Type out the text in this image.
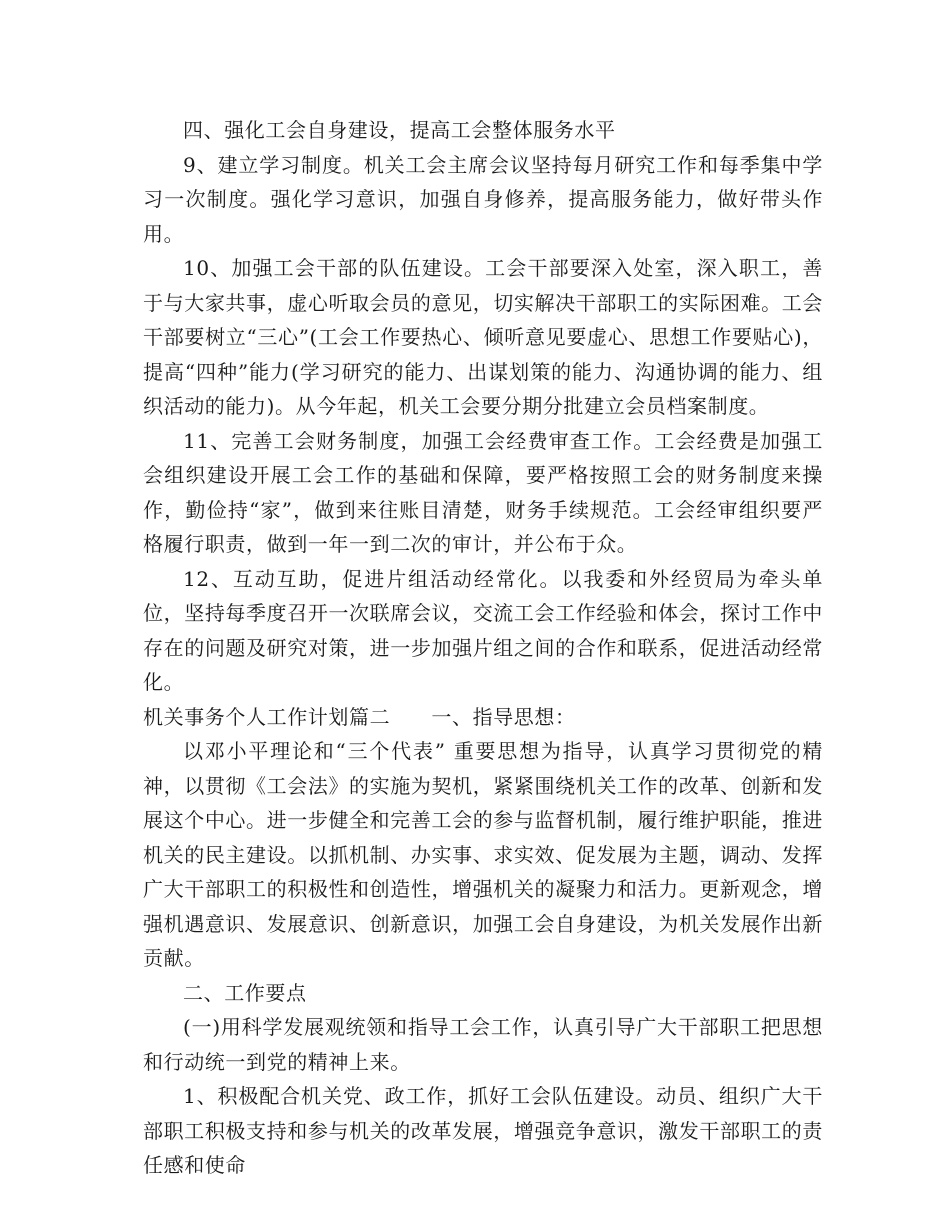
四、强化工会自身建设，提高工会整体服务水平

9、建立学习制度。机关工会主席会议坚持每月研究工作和每季集中学习一次制度。强化学习意识，加强自身修养，提高服务能力，做好带头作用。

10、加强工会干部的队伍建设。工会干部要深入处室，深入职工，善于与大家共事，虚心听取会员的意见，切实解决干部职工的实际困难。工会干部要树立“三心”(工会工作要热心、倾听意见要虚心、思想工作要贴心)，提高“四种”能力(学习研究的能力、出谋划策的能力、沟通协调的能力、组织活动的能力)。从今年起，机关工会要分期分批建立会员档案制度。

11、完善工会财务制度，加强工会经费审查工作。工会经费是加强工会组织建设开展工会工作的基础和保障，要严格按照工会的财务制度来操作，勤俭持“家”，做到来往账目清楚，财务手续规范。工会经审组织要严格履行职责，做到一年一到二次的审计，并公布于众。

12、互动互助，促进片组活动经常化。以我委和外经贸局为牵头单位，坚持每季度召开一次联席会议，交流工会工作经验和体会，探讨工作中存在的问题及研究对策，进一步加强片组之间的合作和联系，促进活动经常化。

机关事务个人工作计划篇二　　一、指导思想：

以邓小平理论和“三个代表” 重要思想为指导，认真学习贯彻党的精神，以贯彻《工会法》的实施为契机，紧紧围绕机关工作的改革、创新和发展这个中心。进一步健全和完善工会的参与监督机制，履行维护职能，推进机关的民主建设。以抓机制、办实事、求实效、促发展为主题，调动、发挥广大干部职工的积极性和创造性，增强机关的凝聚力和活力。更新观念，增强机遇意识、发展意识、创新意识，加强工会自身建设，为机关发展作出新贡献。

二、工作要点

(一)用科学发展观统领和指导工会工作，认真引导广大干部职工把思想和行动统一到党的精神上来。

1、积极配合机关党、政工作，抓好工会队伍建设。动员、组织广大干部职工积极支持和参与机关的改革发展，增强竞争意识，激发干部职工的责任感和使命
